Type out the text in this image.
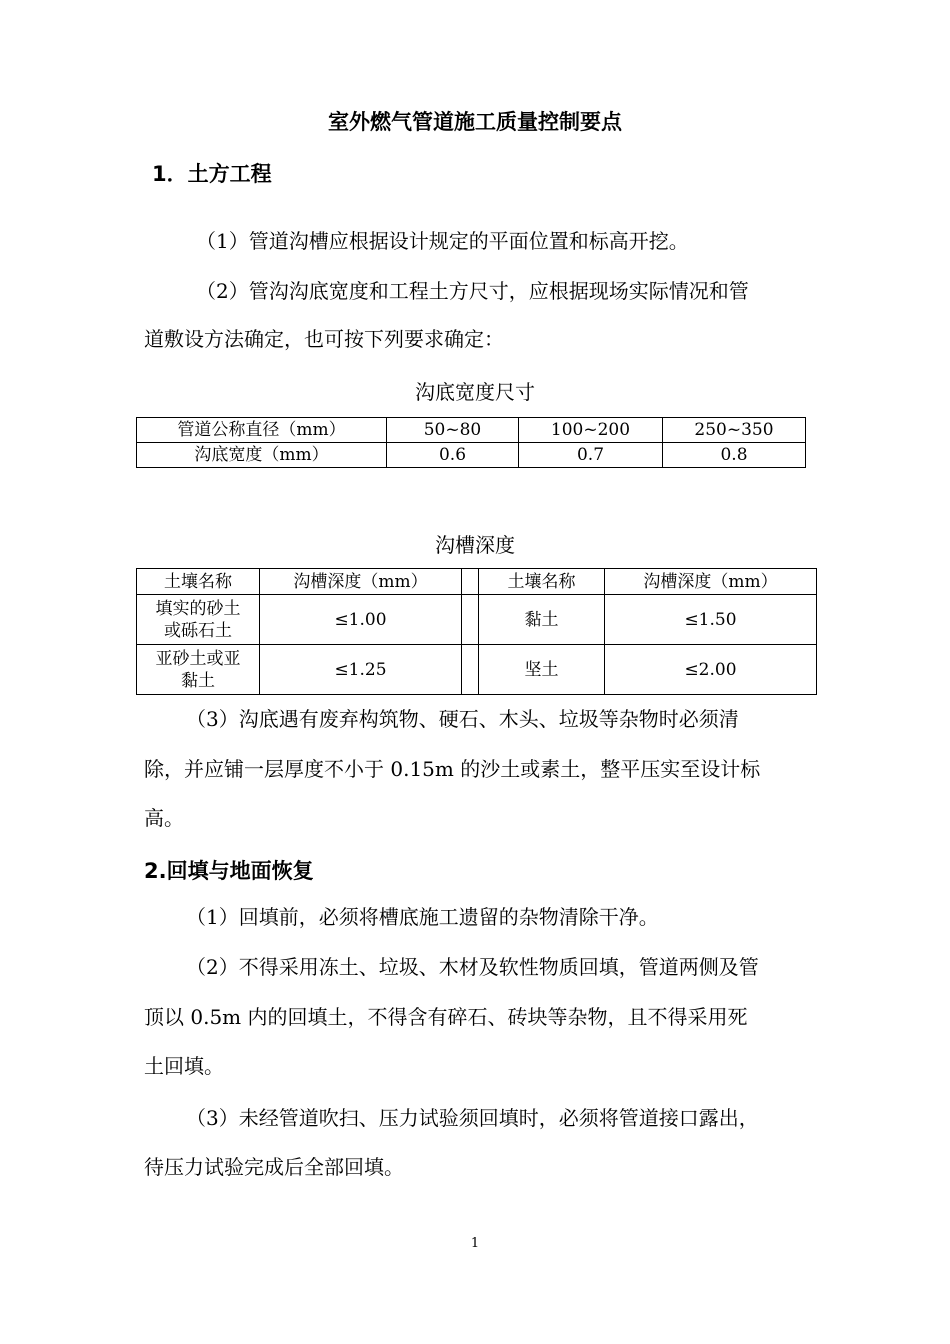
室外燃气管道施工质量控制要点
1．土方工程
（1）管道沟槽应根据设计规定的平面位置和标高开挖。
（2）管沟沟底宽度和工程土方尺寸，应根据现场实际情况和管
道敷设方法确定，也可按下列要求确定：
沟底宽度尺寸
管道公称直径（mm）	50~80	100~200	250~350
沟底宽度（mm）	0.6	0.7	0.8
沟槽深度
土壤名称	沟槽深度（mm）		土壤名称	沟槽深度（mm）

填实的砂土
或砾石土	≤1.00		黏土	≤1.50

亚砂土或亚
黏土	≤1.25		坚土	≤2.00
（3）沟底遇有废弃构筑物、硬石、木头、垃圾等杂物时必须清
除，并应铺一层厚度不小于 0.15m 的沙土或素土，整平压实至设计标
高。
2.回填与地面恢复
（1）回填前，必须将槽底施工遗留的杂物清除干净。
（2）不得采用冻土、垃圾、木材及软性物质回填，管道两侧及管
顶以 0.5m 内的回填土，不得含有碎石、砖块等杂物，且不得采用死
土回填。
（3）未经管道吹扫、压力试验须回填时，必须将管道接口露出，
待压力试验完成后全部回填。
1
